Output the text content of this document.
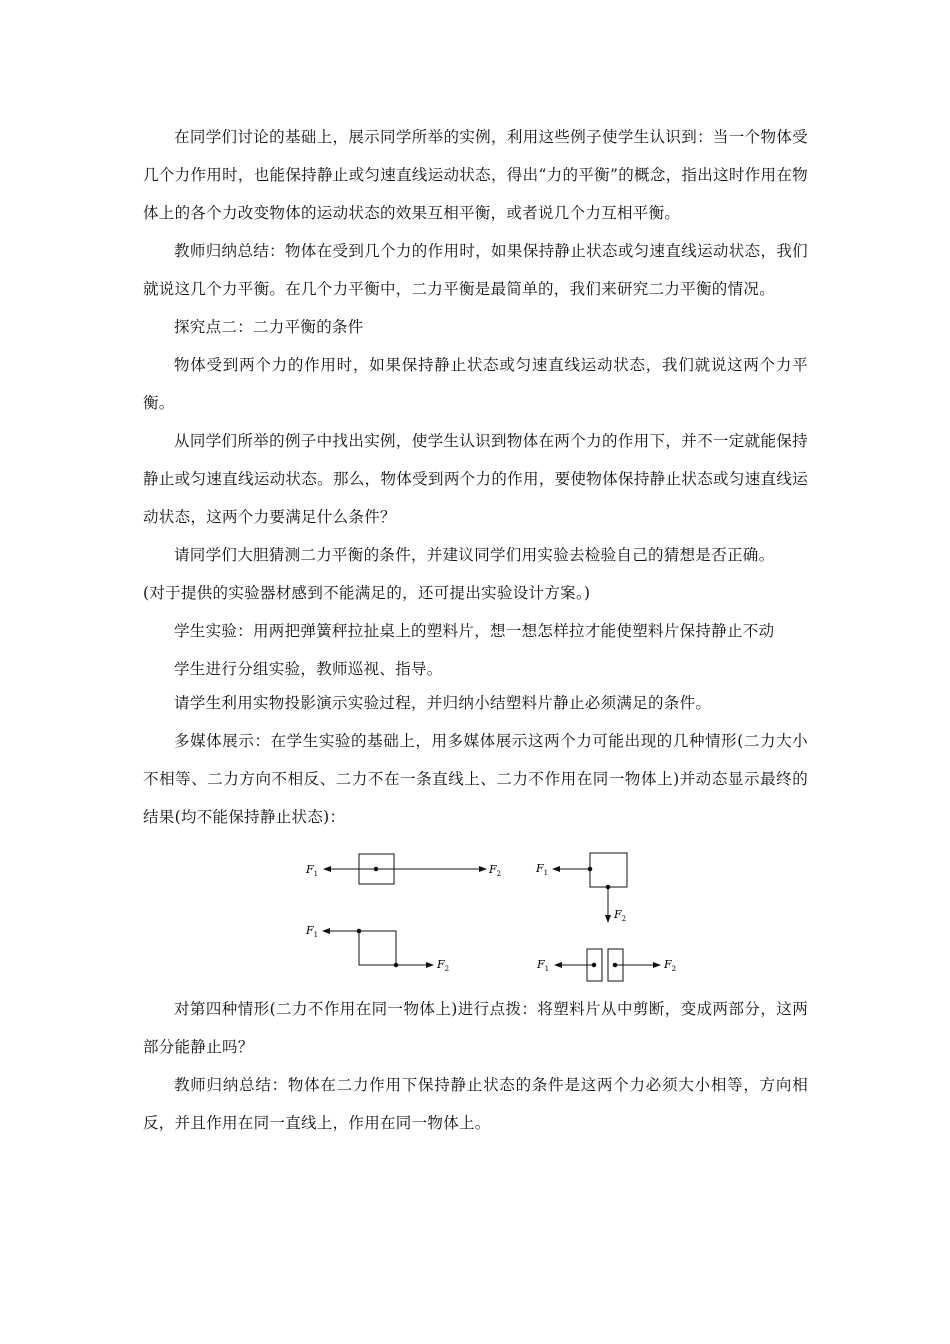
在同学们讨论的基础上，展示同学所举的实例，利用这些例子使学生认识到：当一个物体受几个力作用时，也能保持静止或匀速直线运动状态，得出“力的平衡”的概念，指出这时作用在物体上的各个力改变物体的运动状态的效果互相平衡，或者说几个力互相平衡。

教师归纳总结：物体在受到几个力的作用时，如果保持静止状态或匀速直线运动状态，我们就说这几个力平衡。在几个力平衡中，二力平衡是最简单的，我们来研究二力平衡的情况。

探究点二：二力平衡的条件

物体受到两个力的作用时，如果保持静止状态或匀速直线运动状态，我们就说这两个力平衡。

从同学们所举的例子中找出实例，使学生认识到物体在两个力的作用下，并不一定就能保持静止或匀速直线运动状态。那么，物体受到两个力的作用，要使物体保持静止状态或匀速直线运动状态，这两个力要满足什么条件？

请同学们大胆猜测二力平衡的条件，并建议同学们用实验去检验自己的猜想是否正确。

(对于提供的实验器材感到不能满足的，还可提出实验设计方案。)

学生实验：用两把弹簧秤拉扯桌上的塑料片，想一想怎样拉才能使塑料片保持静止不动

学生进行分组实验，教师巡视、指导。

请学生利用实物投影演示实验过程，并归纳小结塑料片静止必须满足的条件。

多媒体展示：在学生实验的基础上，用多媒体展示这两个力可能出现的几种情形(二力大小不相等、二力方向不相反、二力不在一条直线上、二力不作用在同一物体上)并动态显示最终的结果(均不能保持静止状态)：

$F_1$	$F_2$	$F_1$
$F_2$
$F_1$
$F_2$	$F_1$	$F_2$

对第四种情形(二力不作用在同一物体上)进行点拨：将塑料片从中剪断，变成两部分，这两部分能静止吗？

教师归纳总结：物体在二力作用下保持静止状态的条件是这两个力必须大小相等，方向相反，并且作用在同一直线上，作用在同一物体上。
